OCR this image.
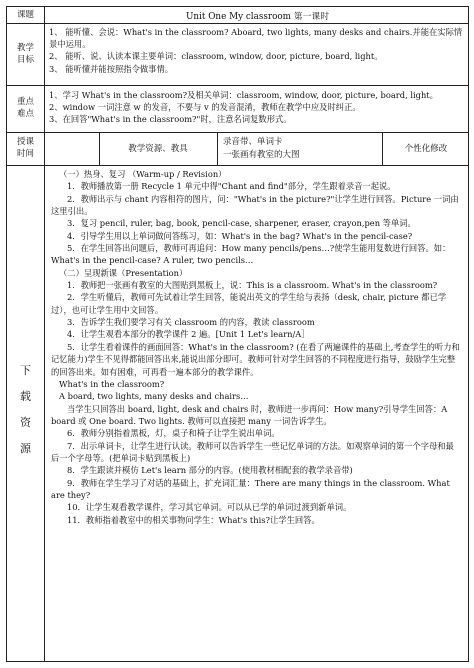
课题	Unit One My classroom 第一课时
教学
目标

1、 能听懂、会说：What's in the classroom? Aboard, two lights, many desks and chairs.并能在实际情景中运用。

2、 能听、说、认读本课主要单词：classroom, window, door, picture, board, light。

3、 能听懂并能按照指令做事情。

重点
难点

1、学习 What's in the classroom?及相关单词：classroom, window, door, picture, board, light。

2、window 一词注意 w 的发音，不要与 v 的发音混淆，教师在教学中应及时纠正。

3、在回答"What's in the classroom?"时，注意名词复数形式。

授课
时间	教学资源、教具
录音带、单词卡
一张画有教室的大图
个性化修改
下
载
资
源

（一）热身、复习 （Warm-up / Revision）

1．教师播放第一册 Recycle 1 单元中得"Chant and find"部分，学生跟着录音一起说。

2．教师出示与 chant 内容相符的图片，问："What's in the picture?"让学生进行回答。Picture 一词由这里引出。

3．复习 pencil, ruler, bag, book, pencil-case, sharpener, eraser, crayon,pen 等单词。

4．引导学生用以上单词做问答练习，如：What's in the bag? What's in the pencil-case?

5．在学生回答出问题后，教师可再追问：How many pencils/pens…?使学生能用复数进行回答。如：What's in the pencil-case? A ruler, two pencils…

（二）呈现新课（Presentation）

1．教师把一张画有教室的大图贴到黑板上，说：This is a classroom. What's in the classroom?

2．学生听懂后，教师可先试着让学生回答，能说出英文的学生给与表扬（desk, chair, picture 都已学过），也可让学生用中文回答。

3．告诉学生我们要学习有关 classroom 的内容，教读 classroom

4．让学生观看本部分的教学课件 2 遍。[Unit 1 Let's learn/A］

5．让学生看着课件的画面回答：What's in the classroom? (在看了两遍课件的基础上,考查学生的听力和记忆能力)学生不见得都能回答出来,能说出部分即可。教师可针对学生回答的不同程度进行指导，鼓励学生完整的回答出来。如有困难，可再看一遍本部分的教学课件。

What's in the classroom?

A board, two lights, many desks and chairs…

当学生只回答出 board, light, desk and chairs 时，教师进一步再问：How many?引导学生回答：A board 或 One board. Two lights. 教师可以直接把 many 一词告诉学生。

6．教师分别指着黑板，灯，桌子和椅子让学生说出单词。

7．出示单词卡，让学生进行认读。教师可以告诉学生一些记忆单词的方法。如观察单词的第一个字母和最后一个字母等。(把单词卡贴到黑板上)

8．学生跟读并模仿 Let's learn 部分的内容。(使用教材相配套的教学录音带)

9．教师在学生学习了对话的基础上，扩充词汇量：There are many things in the classroom. What are they?

10．让学生观看教学课件，学习其它单词。可以从已学的单词过渡到新单词。

11．教师指着教室中的相关事物问学生：What's this?让学生回答。
